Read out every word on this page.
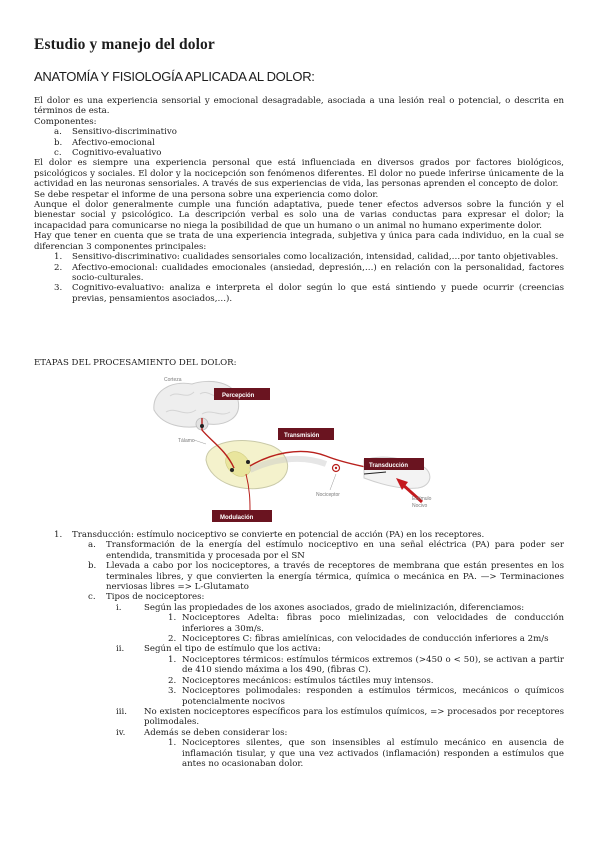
Estudio y manejo del dolor
ANATOMÍA Y FISIOLOGÍA APLICADA AL DOLOR:

El dolor es una experiencia sensorial y emocional desagradable, asociada a una lesión real o potencial, o descrita en términos de esta.

Componentes:

a.	Sensitivo-discriminativo
b.	Afectivo-emocional
c.	Cognitivo-evaluativo

El dolor es siempre una experiencia personal que está influenciada en diversos grados por factores biológicos, psicológicos y sociales. El dolor y la nocicepción son fenómenos diferentes. El dolor no puede inferirse únicamente de la actividad en las neuronas sensoriales. A través de sus experiencias de vida, las personas aprenden el concepto de dolor.

Se debe respetar el informe de una persona sobre una experiencia como dolor.

Aunque el dolor generalmente cumple una función adaptativa, puede tener efectos adversos sobre la función y el bienestar social y psicológico. La descripción verbal es solo una de varias conductas para expresar el dolor; la incapacidad para comunicarse no niega la posibilidad de que un humano o un animal no humano experimente dolor.

Hay que tener en cuenta que se trata de una experiencia integrada, subjetiva y única para cada individuo, en la cual se diferencian 3 componentes principales:

1. Sensitivo-discriminativo: cualidades sensoriales como localización, intensidad, calidad,…por tanto objetivables.
2. Afectivo-emocional: cualidades emocionales (ansiedad, depresión,…) en relación con la personalidad, factores socio-culturales.
3. Cognitivo-evaluativo: analiza e interpreta el dolor según lo que está sintiendo y puede ocurrir (creencias previas, pensamientos asociados,…).
ETAPAS DEL PROCESAMIENTO DEL DOLOR:
Corteza
Tálamo
Estímulo
Nocivo
Nociceptor
Percepción
Transmisión
Transducción
Modulación
1. Transducción: estímulo nociceptivo se convierte en potencial de acción (PA) en los receptores.
a. Transformación de la energía del estímulo nociceptivo en una señal eléctrica (PA) para poder ser entendida, transmitida y procesada por el SN
b. Llevada a cabo por los nociceptores, a través de receptores de membrana que están presentes en los terminales libres, y que convierten la energía térmica, química o mecánica en PA. —> Terminaciones nerviosas libres => L-Glutamato
c. Tipos de nociceptores:
i.	Según las propiedades de los axones asociados, grado de mielinización, diferenciamos:
1. Nociceptores Adelta: fibras poco mielinizadas, con velocidades de conducción inferiores a 30m/s.
2. Nociceptores C: fibras amielínicas, con velocidades de conducción inferiores a 2m/s
ii. Según el tipo de estímulo que los activa:
1. Nociceptores térmicos: estímulos térmicos extremos (>450 o < 50), se activan a partir de 410 siendo máxima a los 490, (fibras C).
2. Nociceptores mecánicos: estímulos táctiles muy intensos.
3. Nociceptores polimodales: responden a estímulos térmicos, mecánicos o químicos potencialmente nocivos
iii. No existen nociceptores específicos para los estímulos químicos, => procesados por receptores polimodales.
iv. Además se deben considerar los:
1. Nociceptores silentes, que son insensibles al estímulo mecánico en ausencia de inflamación tisular, y que una vez activados (inflamación) responden a estímulos que antes no ocasionaban dolor.
